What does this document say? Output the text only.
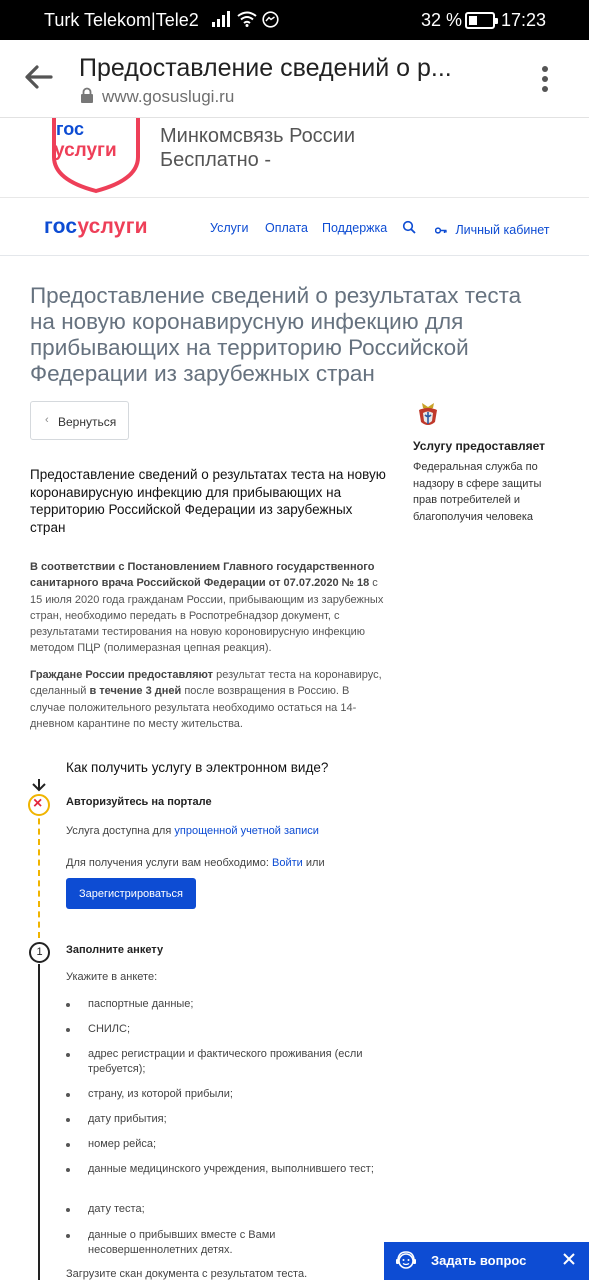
Turk Telekom|Tele2	32 % 17:23
Предоставление сведений о р...
www.gosuslugi.ru
гос
услуги
Минкомсвязь России
Бесплатно -
госуслуги	Услуги Оплата Поддержка	Личный кабинет
Предоставление сведений о результатах теста на новую коронавирусную инфекцию для прибывающих на территорию Российской Федерации из зарубежных стран
‹ Вернуться
Услугу предоставляет
Федеральная служба по надзору в сфере защиты прав потребителей и благополучия человека
Предоставление сведений о результатах теста на новую коронавирусную инфекцию для прибывающих на территорию Российской Федерации из зарубежных стран
В соответствии с Постановлением Главного государственного санитарного врача Российской Федерации от 07.07.2020 № 18 с 15 июля 2020 года гражданам России, прибывающим из зарубежных стран, необходимо передать в Роспотребнадзор документ, с результатами тестирования на новую короновирусную инфекцию методом ПЦР (полимеразная цепная реакция).
Граждане России предоставляют результат теста на коронавирус, сделанный в течение 3 дней после возвращения в Россию. В случае положительного результата необходимо остаться на 14-дневном карантине по месту жительства.
Как получить услугу в электронном виде?
× Авторизуйтесь на портале
Услуга доступна для упрощенной учетной записи
Для получения услуги вам необходимо: Войти или
Зарегистрироваться
1	Заполните анкету
Укажите в анкете:
паспортные данные;
СНИЛС;
адрес регистрации и фактического проживания (если требуется);
страну, из которой прибыли;
дату прибытия;
номер рейса;
данные медицинского учреждения, выполнившего тест;
дату теста;
данные о прибывших вместе с Вами несовершеннолетних детях.
Загрузите скан документа с результатом теста.
Задать вопрос
